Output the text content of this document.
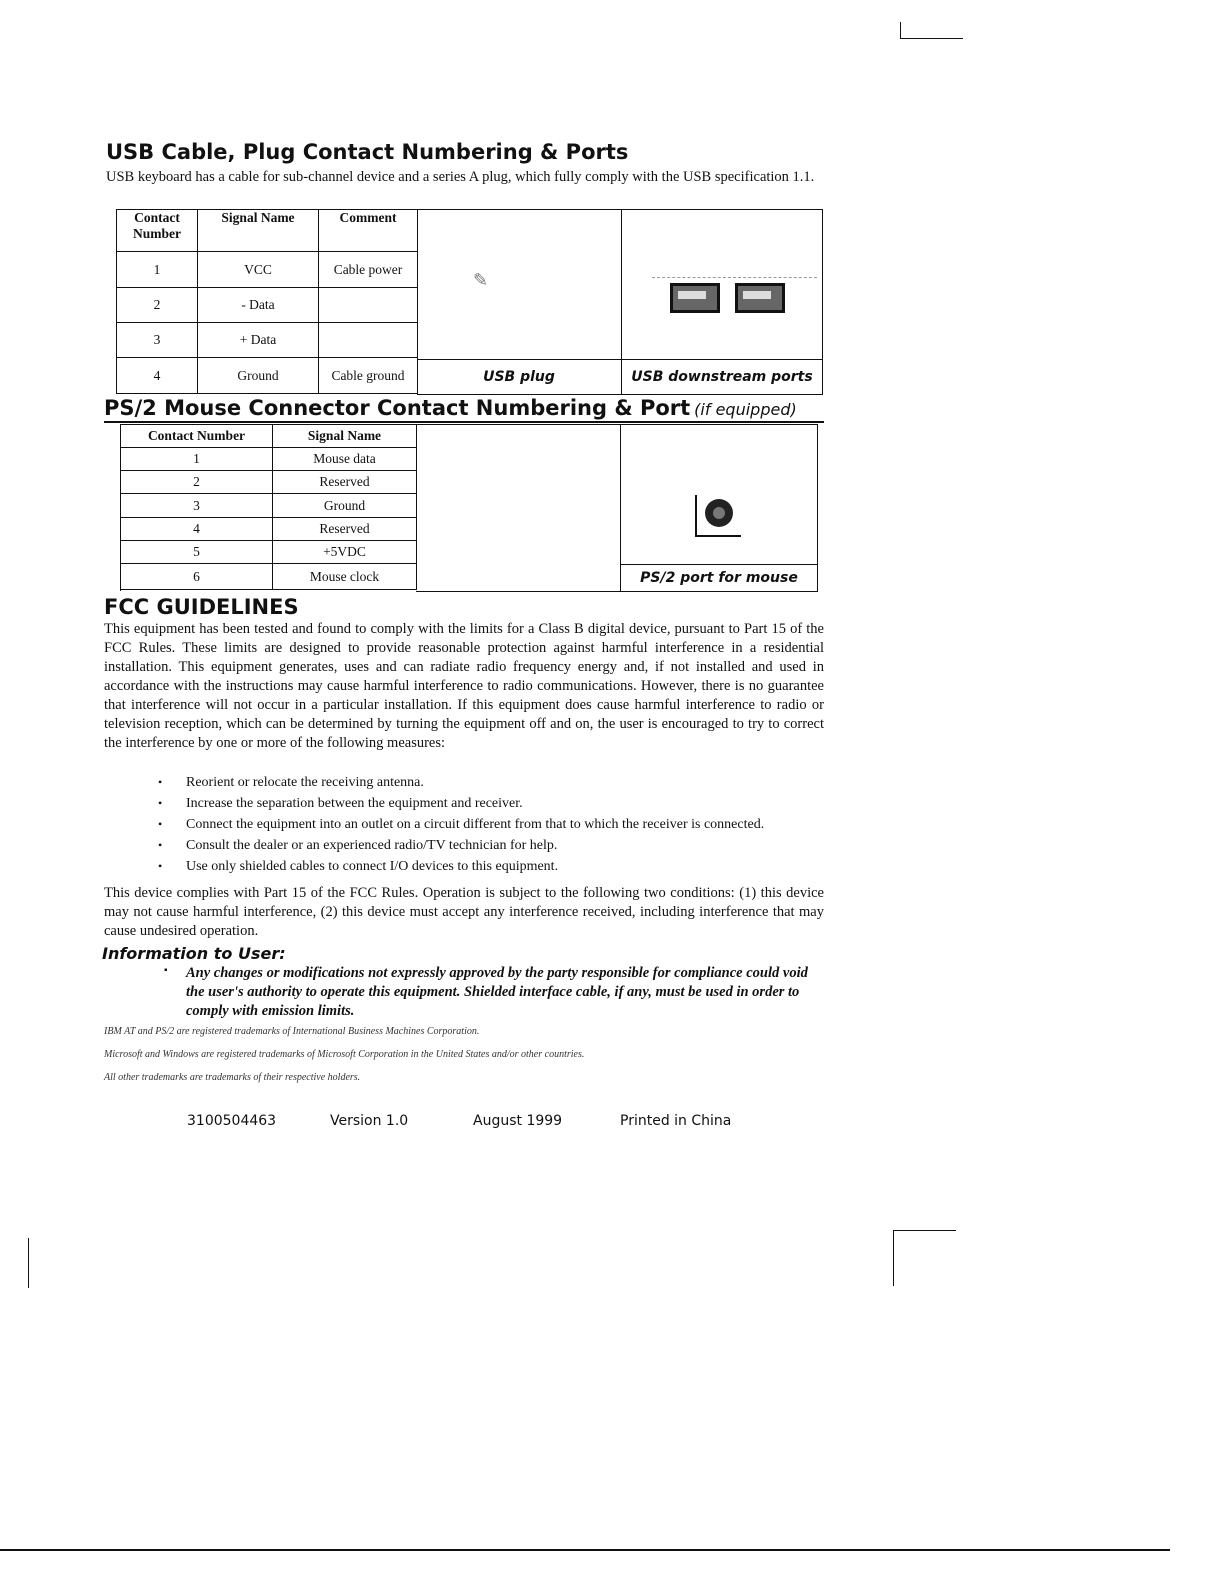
USB Cable, Plug Contact Numbering & Ports
USB keyboard has a cable for sub-channel device and a series A plug, which fully comply with the USB specification 1.1.
Contact Number	Signal Name	Comment
1	VCC	Cable power
2	- Data	
3	+ Data	
4	Ground	Cable ground
✎
USB plug	USB downstream ports
PS/2 Mouse Connector Contact Numbering & Port (if equipped)
Contact Number	Signal Name
1	Mouse data
2	Reserved
3	Ground
4	Reserved
5	+5VDC
6	Mouse clock	PS/2 port for mouse
FCC GUIDELINES
This equipment has been tested and found to comply with the limits for a Class B digital device, pursuant to Part 15 of the FCC Rules. These limits are designed to provide reasonable protection against harmful interference in a residential installation. This equipment generates, uses and can radiate radio frequency energy and, if not installed and used in accordance with the instructions may cause harmful interference to radio communications. However, there is no guarantee that interference will not occur in a particular installation. If this equipment does cause harmful interference to radio or television reception, which can be determined by turning the equipment off and on, the user is encouraged to try to correct the interference by one or more of the following measures:
• Reorient or relocate the receiving antenna.
• Increase the separation between the equipment and receiver.
• Connect the equipment into an outlet on a circuit different from that to which the receiver is connected.
• Consult the dealer or an experienced radio/TV technician for help.
• Use only shielded cables to connect I/O devices to this equipment.
This device complies with Part 15 of the FCC Rules. Operation is subject to the following two conditions: (1) this device may not cause harmful interference, (2) this device must accept any interference received, including interference that may cause undesired operation.
Information to User:
▪ Any changes or modifications not expressly approved by the party responsible for compliance could void the user's authority to operate this equipment. Shielded interface cable, if any, must be used in order to comply with emission limits.
IBM AT and PS/2 are registered trademarks of International Business Machines Corporation.
Microsoft and Windows are registered trademarks of Microsoft Corporation in the United States and/or other countries.
All other trademarks are trademarks of their respective holders.
3100504463	Version 1.0	August 1999	Printed in China
